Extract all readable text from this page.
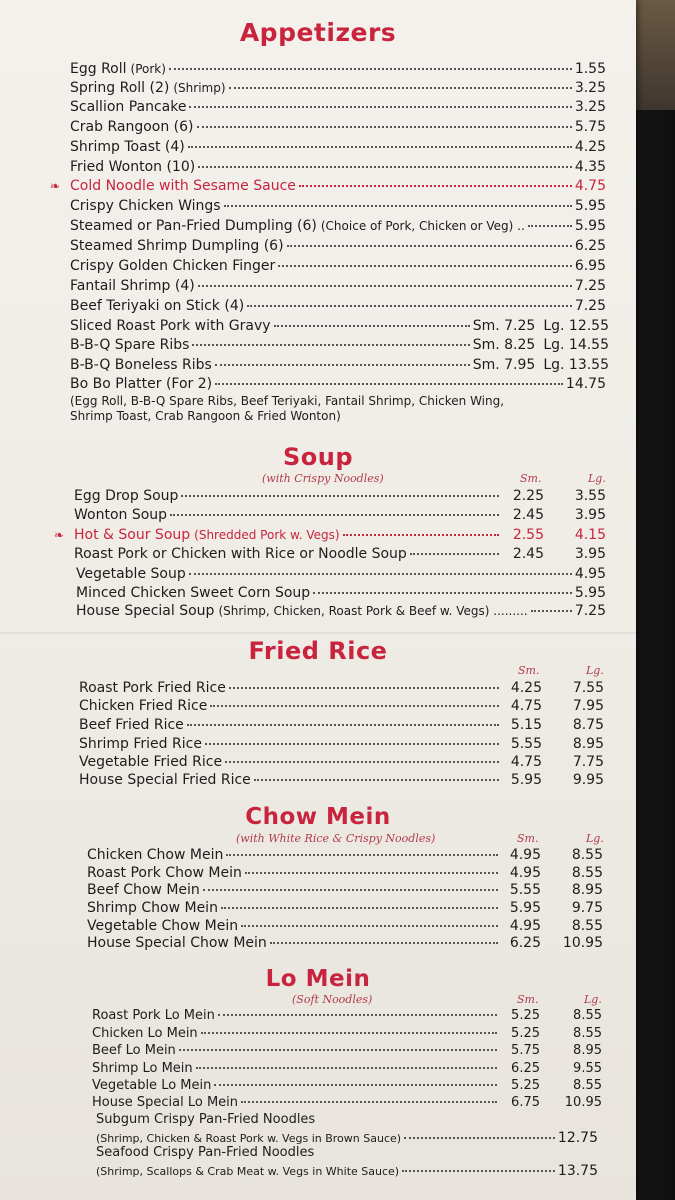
Appetizers
Soup
(with Crispy Noodles)	Sm.	Lg.
Fried Rice
Sm.	Lg.
Chow Mein
(with White Rice & Crispy Noodles)	Sm.	Lg.
Lo Mein
(Soft Noodles)	Sm.	Lg.
Egg Roll (Pork)	1.55
Spring Roll (2) (Shrimp)	3.25
Scallion Pancake	3.25
Crab Rangoon (6)	5.75
Shrimp Toast (4)	4.25
Fried Wonton (10)	4.35
❧ Cold Noodle with Sesame Sauce	4.75
Crispy Chicken Wings	5.95
Steamed or Pan-Fried Dumpling (6) (Choice of Pork, Chicken or Veg) ..	5.95
Steamed Shrimp Dumpling (6)	6.25
Crispy Golden Chicken Finger	6.95
Fantail Shrimp (4)	7.25
Beef Teriyaki on Stick (4)	7.25
Sliced Roast Pork with Gravy	Sm. 7.25 Lg. 12.55
B-B-Q Spare Ribs	Sm. 8.25 Lg. 14.55
B-B-Q Boneless Ribs	Sm. 7.95 Lg. 13.55
Bo Bo Platter (For 2)	14.75
(Egg Roll, B-B-Q Spare Ribs, Beef Teriyaki, Fantail Shrimp, Chicken Wing,
Shrimp Toast, Crab Rangoon & Fried Wonton)
Egg Drop Soup	2.25	3.55
Wonton Soup	2.45	3.95
❧ Hot & Sour Soup (Shredded Pork w. Vegs)	2.55	4.15
Roast Pork or Chicken with Rice or Noodle Soup	2.45	3.95
Vegetable Soup	4.95
Minced Chicken Sweet Corn Soup	5.95
House Special Soup (Shrimp, Chicken, Roast Pork & Beef w. Vegs) .........	7.25
Roast Pork Fried Rice	4.25	7.55
Chicken Fried Rice	4.75	7.95
Beef Fried Rice	5.15	8.75
Shrimp Fried Rice	5.55	8.95
Vegetable Fried Rice	4.75	7.75
House Special Fried Rice	5.95	9.95
Chicken Chow Mein	4.95	8.55
Roast Pork Chow Mein	4.95	8.55
Beef Chow Mein	5.55	8.95
Shrimp Chow Mein	5.95	9.75
Vegetable Chow Mein	4.95	8.55
House Special Chow Mein	6.25	10.95
Roast Pork Lo Mein	5.25	8.55
Chicken Lo Mein	5.25	8.55
Beef Lo Mein	5.75	8.95
Shrimp Lo Mein	6.25	9.55
Vegetable Lo Mein	5.25	8.55
House Special Lo Mein	6.75	10.95
Subgum Crispy Pan-Fried Noodles
(Shrimp, Chicken & Roast Pork w. Vegs in Brown Sauce)	12.75
Seafood Crispy Pan-Fried Noodles
(Shrimp, Scallops & Crab Meat w. Vegs in White Sauce)	13.75
